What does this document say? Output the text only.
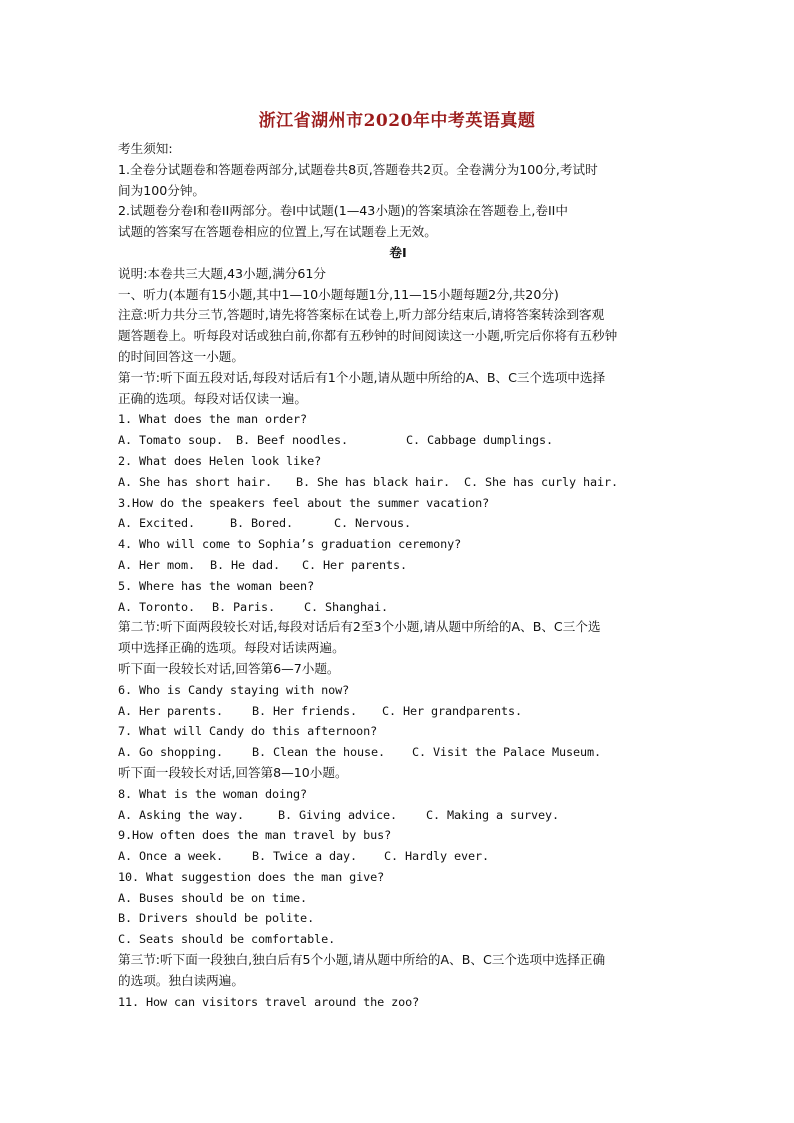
浙江省湖州市2020年中考英语真题
考生须知:
1.全卷分试题卷和答题卷两部分,试题卷共8页,答题卷共2页。全卷满分为100分,考试时
间为100分钟。
2.试题卷分卷I和卷II两部分。卷I中试题(1—43小题)的答案填涂在答题卷上,卷II中
试题的答案写在答题卷相应的位置上,写在试题卷上无效。
卷I
说明:本卷共三大题,43小题,满分61分
一、听力(本题有15小题,其中1—10小题每题1分,11—15小题每题2分,共20分)
注意:听力共分三节,答题时,请先将答案标在试卷上,听力部分结束后,请将答案转涂到客观
题答题卷上。听每段对话或独白前,你都有五秒钟的时间阅读这一小题,听完后你将有五秒钟
的时间回答这一小题。
第一节:听下面五段对话,每段对话后有1个小题,请从题中所给的A、B、C三个选项中选择
正确的选项。每段对话仅读一遍。
1. What does the man order?
A. Tomato soup. B. Beef noodles.	C. Cabbage dumplings.
2. What does Helen look like?
A. She has short hair. B. She has black hair. C. She has curly hair.
3.How do the speakers feel about the summer vacation?
A. Excited.	B. Bored.	C. Nervous.
4. Who will come to Sophia’s graduation ceremony?
A. Her mom. B. He dad. C. Her parents.
5. Where has the woman been?
A. Toronto. B. Paris. C. Shanghai.
第二节:听下面两段较长对话,每段对话后有2至3个小题,请从题中所给的A、B、C三个选
项中选择正确的选项。每段对话读两遍。
听下面一段较长对话,回答第6—7小题。
6. Who is Candy staying with now?
A. Her parents. B. Her friends. C. Her grandparents.
7. What will Candy do this afternoon?
A. Go shopping. B. Clean the house. C. Visit the Palace Museum.
听下面一段较长对话,回答第8—10小题。
8. What is the woman doing?
A. Asking the way.	B. Giving advice. C. Making a survey.
9.How often does the man travel by bus?
A. Once a week. B. Twice a day. C. Hardly ever.
10. What suggestion does the man give?
A. Buses should be on time.
B. Drivers should be polite.
C. Seats should be comfortable.
第三节:听下面一段独白,独白后有5个小题,请从题中所给的A、B、C三个选项中选择正确
的选项。独白读两遍。
11. How can visitors travel around the zoo?
